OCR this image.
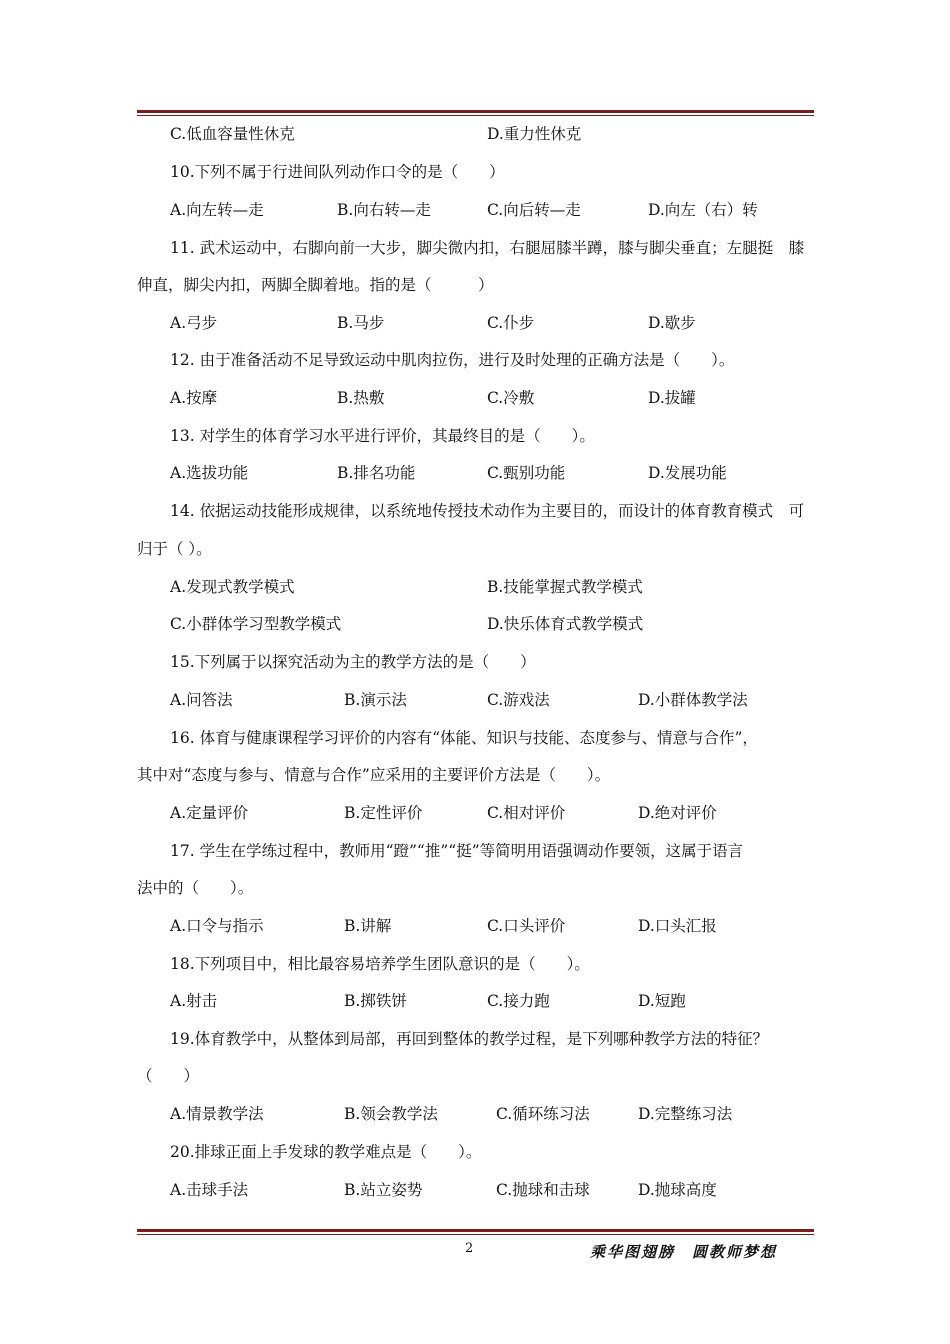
C.低血容量性休克	D.重力性休克
10.下列不属于行进间队列动作口令的是（　　）
A.向左转—走	B.向右转—走	C.向后转—走	D.向左（右）转
11. 武术运动中，右脚向前一大步，脚尖微内扣，右腿屈膝半蹲，膝与脚尖垂直；左腿挺　膝
伸直，脚尖内扣，两脚全脚着地。指的是（　　　）
A.弓步	B.马步	C.仆步	D.歇步
12. 由于准备活动不足导致运动中肌肉拉伤，进行及时处理的正确方法是（　　）。
A.按摩	B.热敷	C.冷敷	D.拔罐
13. 对学生的体育学习水平进行评价，其最终目的是（　　）。
A.选拔功能	B.排名功能	C.甄别功能	D.发展功能
14. 依据运动技能形成规律，以系统地传授技术动作为主要目的，而设计的体育教育模式　可
归于（ ）。
A.发现式教学模式	B.技能掌握式教学模式
C.小群体学习型教学模式	D.快乐体育式教学模式
15.下列属于以探究活动为主的教学方法的是（　　）
A.问答法	B.演示法	C.游戏法	D.小群体教学法
16. 体育与健康课程学习评价的内容有“体能、知识与技能、态度参与、情意与合作”，
其中对“态度与参与、情意与合作”应采用的主要评价方法是（　　）。
A.定量评价	B.定性评价	C.相对评价	D.绝对评价
17. 学生在学练过程中，教师用“蹬”“推”“挺”等简明用语强调动作要领，这属于语言
法中的（　　）。
A.口令与指示	B.讲解	C.口头评价	D.口头汇报
18.下列项目中，相比最容易培养学生团队意识的是（　　）。
A.射击	B.掷铁饼	C.接力跑	D.短跑
19.体育教学中，从整体到局部，再回到整体的教学过程，是下列哪种教学方法的特征？
（　　）
A.情景教学法	B.领会教学法	C.循环练习法	D.完整练习法
20.排球正面上手发球的教学难点是（　　）。
A.击球手法	B.站立姿势	C.抛球和击球	D.抛球高度
2	乘华图翅膀　圆教师梦想
